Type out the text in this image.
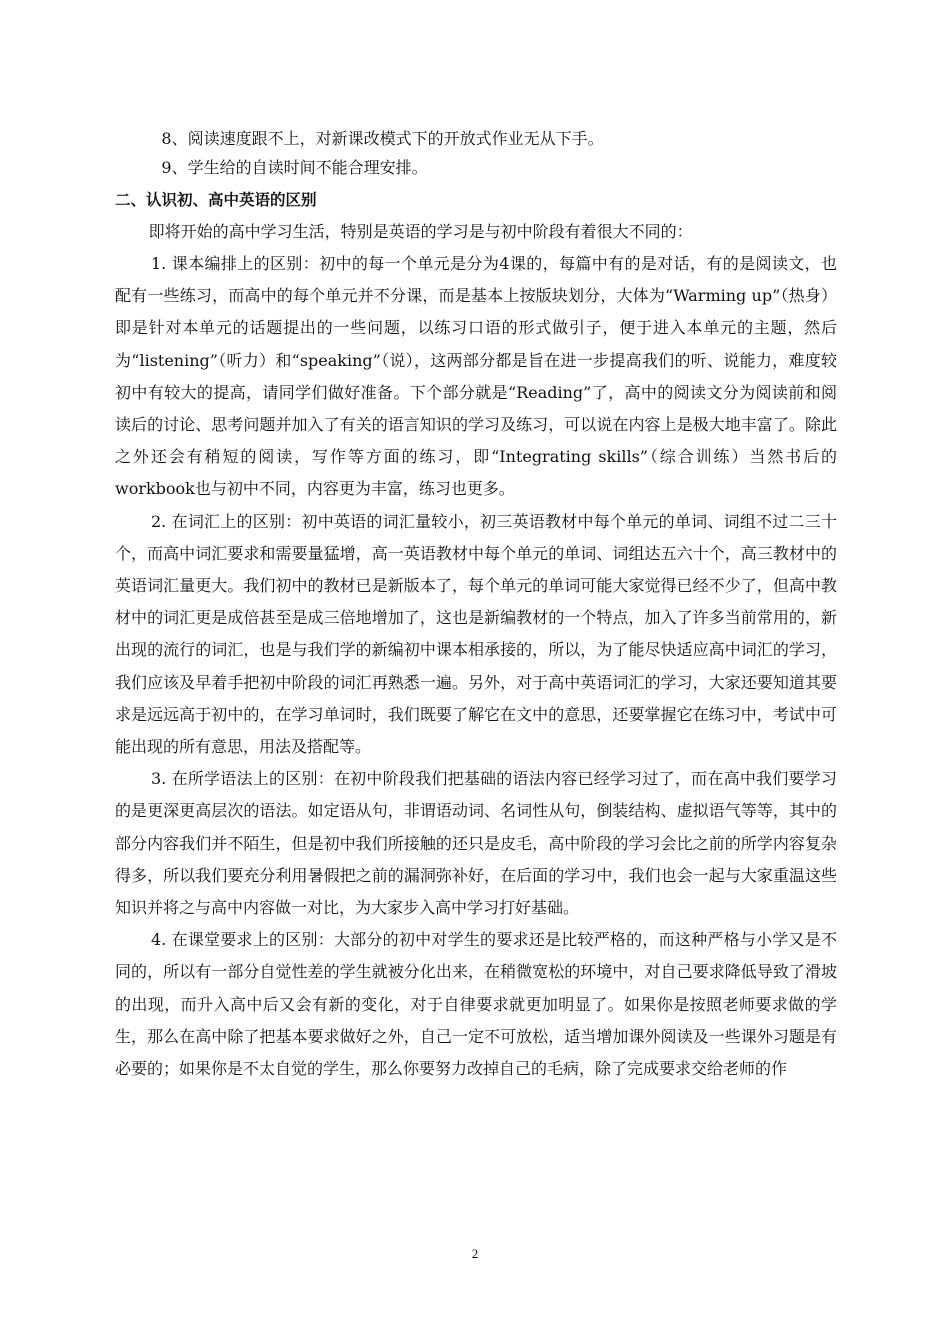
8、阅读速度跟不上，对新课改模式下的开放式作业无从下手。

9、学生给的自读时间不能合理安排。

二、认识初、高中英语的区别

即将开始的高中学习生活，特别是英语的学习是与初中阶段有着很大不同的：

1. 课本编排上的区别：初中的每一个单元是分为4课的，每篇中有的是对话，有的是阅读文，也配有一些练习，而高中的每个单元并不分课，而是基本上按版块划分，大体为“Warming up”（热身）即是针对本单元的话题提出的一些问题，以练习口语的形式做引子，便于进入本单元的主题，然后为“listening”（听力）和“speaking”（说），这两部分都是旨在进一步提高我们的听、说能力，难度较初中有较大的提高，请同学们做好准备。下个部分就是“Reading”了，高中的阅读文分为阅读前和阅读后的讨论、思考问题并加入了有关的语言知识的学习及练习，可以说在内容上是极大地丰富了。除此之外还会有稍短的阅读，写作等方面的练习，即“Integrating skills”（综合训练）当然书后的workbook也与初中不同，内容更为丰富，练习也更多。

2. 在词汇上的区别：初中英语的词汇量较小，初三英语教材中每个单元的单词、词组不过二三十个，而高中词汇要求和需要量猛增，高一英语教材中每个单元的单词、词组达五六十个，高三教材中的英语词汇量更大。我们初中的教材已是新版本了，每个单元的单词可能大家觉得已经不少了，但高中教材中的词汇更是成倍甚至是成三倍地增加了，这也是新编教材的一个特点，加入了许多当前常用的，新出现的流行的词汇，也是与我们学的新编初中课本相承接的，所以，为了能尽快适应高中词汇的学习，我们应该及早着手把初中阶段的词汇再熟悉一遍。另外，对于高中英语词汇的学习，大家还要知道其要求是远远高于初中的，在学习单词时，我们既要了解它在文中的意思，还要掌握它在练习中，考试中可能出现的所有意思，用法及搭配等。

3. 在所学语法上的区别：在初中阶段我们把基础的语法内容已经学习过了，而在高中我们要学习的是更深更高层次的语法。如定语从句，非谓语动词、名词性从句，倒装结构、虚拟语气等等，其中的部分内容我们并不陌生，但是初中我们所接触的还只是皮毛，高中阶段的学习会比之前的所学内容复杂得多，所以我们要充分利用暑假把之前的漏洞弥补好，在后面的学习中，我们也会一起与大家重温这些知识并将之与高中内容做一对比，为大家步入高中学习打好基础。

4. 在课堂要求上的区别：大部分的初中对学生的要求还是比较严格的，而这种严格与小学又是不同的，所以有一部分自觉性差的学生就被分化出来，在稍微宽松的环境中，对自己要求降低导致了滑坡的出现，而升入高中后又会有新的变化，对于自律要求就更加明显了。如果你是按照老师要求做的学生，那么在高中除了把基本要求做好之外，自己一定不可放松，适当增加课外阅读及一些课外习题是有必要的；如果你是不太自觉的学生，那么你要努力改掉自己的毛病，除了完成要求交给老师的作

2
